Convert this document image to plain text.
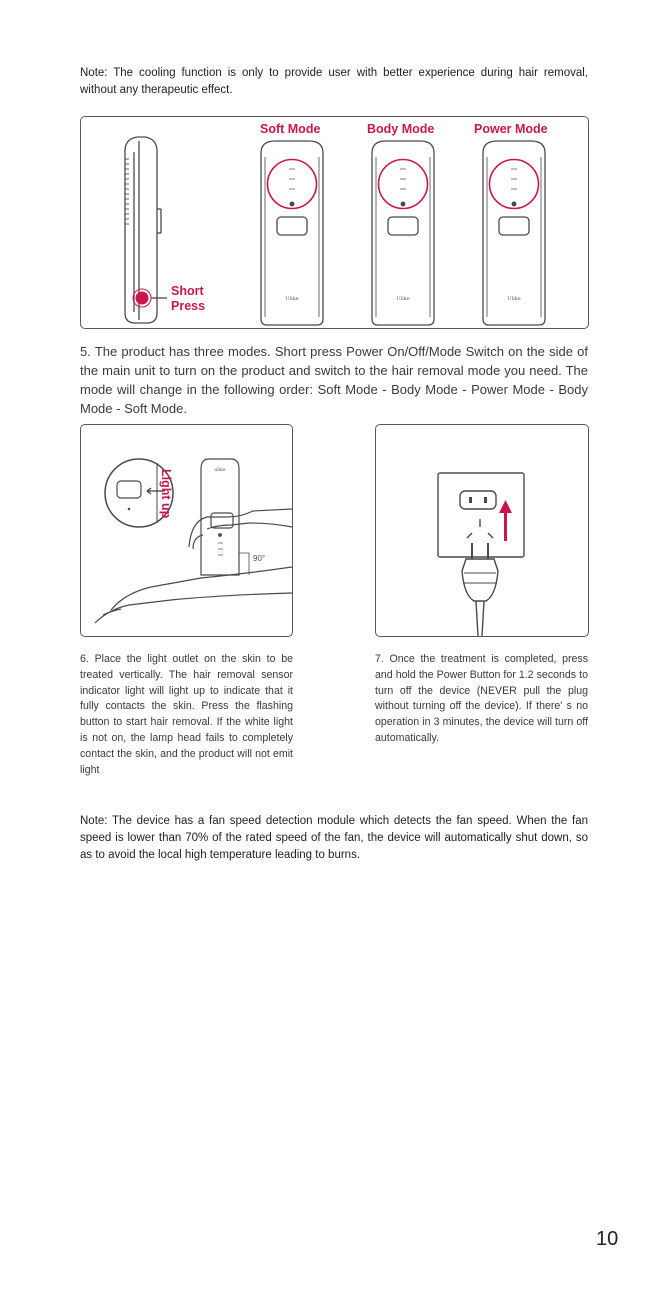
Note: The cooling function is only to provide user with better experience during hair removal, without any therapeutic effect.

Ulike	Ulike	Ulike
Soft Mode	Body Mode	Power Mode
Short Press

5. The product has three modes. Short press Power On/Off/Mode Switch on the side of the main unit to turn on the product and switch to the hair removal mode you need. The mode will change in the following order: Soft Mode - Body Mode - Power Mode - Body Mode - Soft Mode.

90°
ulike
Light up

6. Place the light outlet on the skin to be treated vertically. The hair removal sensor indicator light will light up to indicate that it fully contacts the skin. Press the flashing button to start hair removal. If the white light is not on, the lamp head fails to completely contact the skin, and the product will not emit light

7. Once the treatment is completed, press and hold the Power Button for 1.2 seconds to turn off the device (NEVER pull the plug without turning off the device). If there' s no operation in 3 minutes, the device will turn off automatically.

Note: The device has a fan speed detection module which detects the fan speed. When the fan speed is lower than 70% of the rated speed of the fan, the device will automatically shut down, so as to avoid the local high temperature leading to burns.

10
